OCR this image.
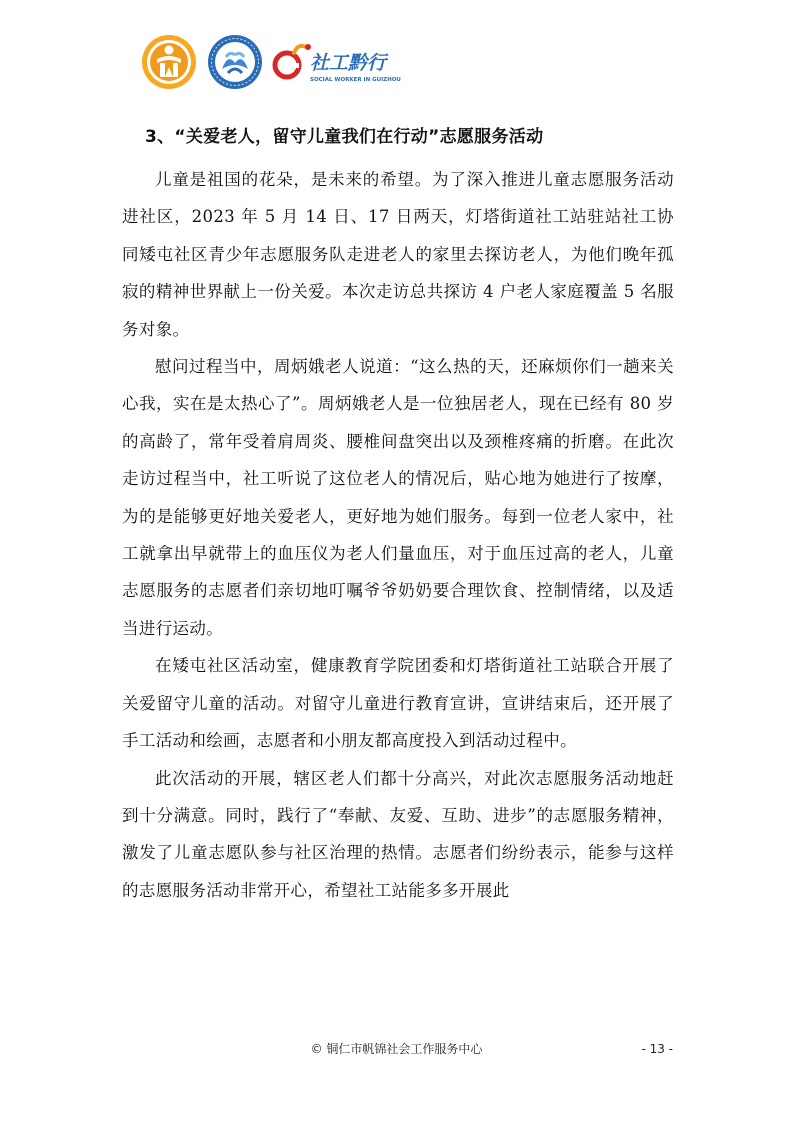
社工黔行
SOCIAL WORKER IN GUIZHOU
3、“关爱老人，留守儿童我们在行动”志愿服务活动

儿童是祖国的花朵，是未来的希望。为了深入推进儿童志愿服务活动进社区，2023 年 5 月 14 日、17 日两天，灯塔街道社工站驻站社工协同矮屯社区青少年志愿服务队走进老人的家里去探访老人，为他们晚年孤寂的精神世界献上一份关爱。本次走访总共探访 4 户老人家庭覆盖 5 名服务对象。

慰问过程当中，周炳娥老人说道：“这么热的天，还麻烦你们一趟来关心我，实在是太热心了”。周炳娥老人是一位独居老人，现在已经有 80 岁的高龄了，常年受着肩周炎、腰椎间盘突出以及颈椎疼痛的折磨。在此次走访过程当中，社工听说了这位老人的情况后，贴心地为她进行了按摩，为的是能够更好地关爱老人，更好地为她们服务。每到一位老人家中，社工就拿出早就带上的血压仪为老人们量血压，对于血压过高的老人，儿童志愿服务的志愿者们亲切地叮嘱爷爷奶奶要合理饮食、控制情绪，以及适当进行运动。

在矮屯社区活动室，健康教育学院团委和灯塔街道社工站联合开展了关爱留守儿童的活动。对留守儿童进行教育宣讲，宣讲结束后，还开展了手工活动和绘画，志愿者和小朋友都高度投入到活动过程中。

此次活动的开展，辖区老人们都十分高兴，对此次志愿服务活动地赶到十分满意。同时，践行了“奉献、友爱、互助、进步”的志愿服务精神，激发了儿童志愿队参与社区治理的热情。志愿者们纷纷表示，能参与这样的志愿服务活动非常开心，希望社工站能多多开展此

© 铜仁市帆锦社会工作服务中心	- 13 -
